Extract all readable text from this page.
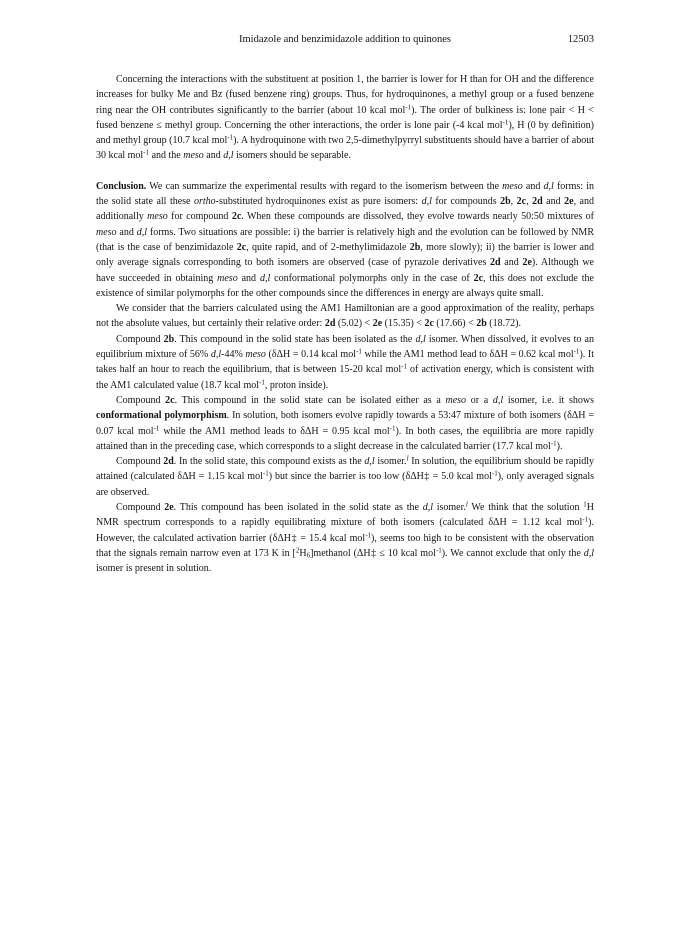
Imidazole and benzimidazole addition to quinones	12503

Concerning the interactions with the substituent at position 1, the barrier is lower for H than for OH and the difference increases for bulky Me and Bz (fused benzene ring) groups. Thus, for hydroquinones, a methyl group or a fused benzene ring near the OH contributes significantly to the barrier (about 10 kcal mol$^{-1}$). The order of bulkiness is: lone pair < H < fused benzene ≤ methyl group. Concerning the other interactions, the order is lone pair (-4 kcal mol$^{-1}$), H (0 by definition) and methyl group (10.7 kcal mol$^{-1}$). A hydroquinone with two 2,5-dimethylpyrryl substituents should have a barrier of about 30 kcal mol$^{-1}$ and the meso and d,l isomers should be separable.

Conclusion. We can summarize the experimental results with regard to the isomerism between the meso and d,l forms: in the solid state all these ortho-substituted hydroquinones exist as pure isomers: d,l for compounds 2b, 2c, 2d and 2e, and additionally meso for compound 2c. When these compounds are dissolved, they evolve towards nearly 50:50 mixtures of meso and d,l forms. Two situations are possible: i) the barrier is relatively high and the evolution can be followed by NMR (that is the case of benzimidazole 2c, quite rapid, and of 2-methylimidazole 2b, more slowly); ii) the barrier is lower and only average signals corresponding to both isomers are observed (case of pyrazole derivatives 2d and 2e). Although we have succeeded in obtaining meso and d,l conformational polymorphs only in the case of 2c, this does not exclude the existence of similar polymorphs for the other compounds since the differences in energy are always quite small.

We consider that the barriers calculated using the AM1 Hamiltonian are a good approximation of the reality, perhaps not the absolute values, but certainly their relative order: 2d (5.02) < 2e (15.35) < 2c (17.66) < 2b (18.72).

Compound 2b. This compound in the solid state has been isolated as the d,l isomer. When dissolved, it evolves to an equilibrium mixture of 56% d,l-44% meso (δΔH = 0.14 kcal mol$^{-1}$ while the AM1 method lead to δΔH = 0.62 kcal mol$^{-1}$). It takes half an hour to reach the equilibrium, that is between 15-20 kcal mol$^{-1}$ of activation energy, which is consistent with the AM1 calculated value (18.7 kcal mol$^{-1}$, proton inside).

Compound 2c. This compound in the solid state can be isolated either as a meso or a d,l isomer, i.e. it shows conformational polymorphism. In solution, both isomers evolve rapidly towards a 53:47 mixture of both isomers (δΔH = 0.07 kcal mol$^{-1}$ while the AM1 method leads to δΔH = 0.95 kcal mol$^{-1}$). In both cases, the equilibria are more rapidly attained than in the preceding case, which corresponds to a slight decrease in the calculated barrier (17.7 kcal mol$^{-1}$).

Compound 2d. In the solid state, this compound exists as the d,l isomer.$^l$ In solution, the equilibrium should be rapidly attained (calculated δΔH = 1.15 kcal mol$^{-1}$) but since the barrier is too low (δΔH‡ = 5.0 kcal mol$^{-1}$), only averaged signals are observed.

Compound 2e. This compound has been isolated in the solid state as the d,l isomer.$^l$ We think that the solution $^1$H NMR spectrum corresponds to a rapidly equilibrating mixture of both isomers (calculated δΔH = 1.12 kcal mol$^{-1}$). However, the calculated activation barrier (δΔH‡ = 15.4 kcal mol$^{-1}$), seems too high to be consistent with the observation that the signals remain narrow even at 173 K in $[^2H_6]methanol$ (ΔH‡ ≤ 10 kcal mol$^{-1}$). We cannot exclude that only the d,l isomer is present in solution.
